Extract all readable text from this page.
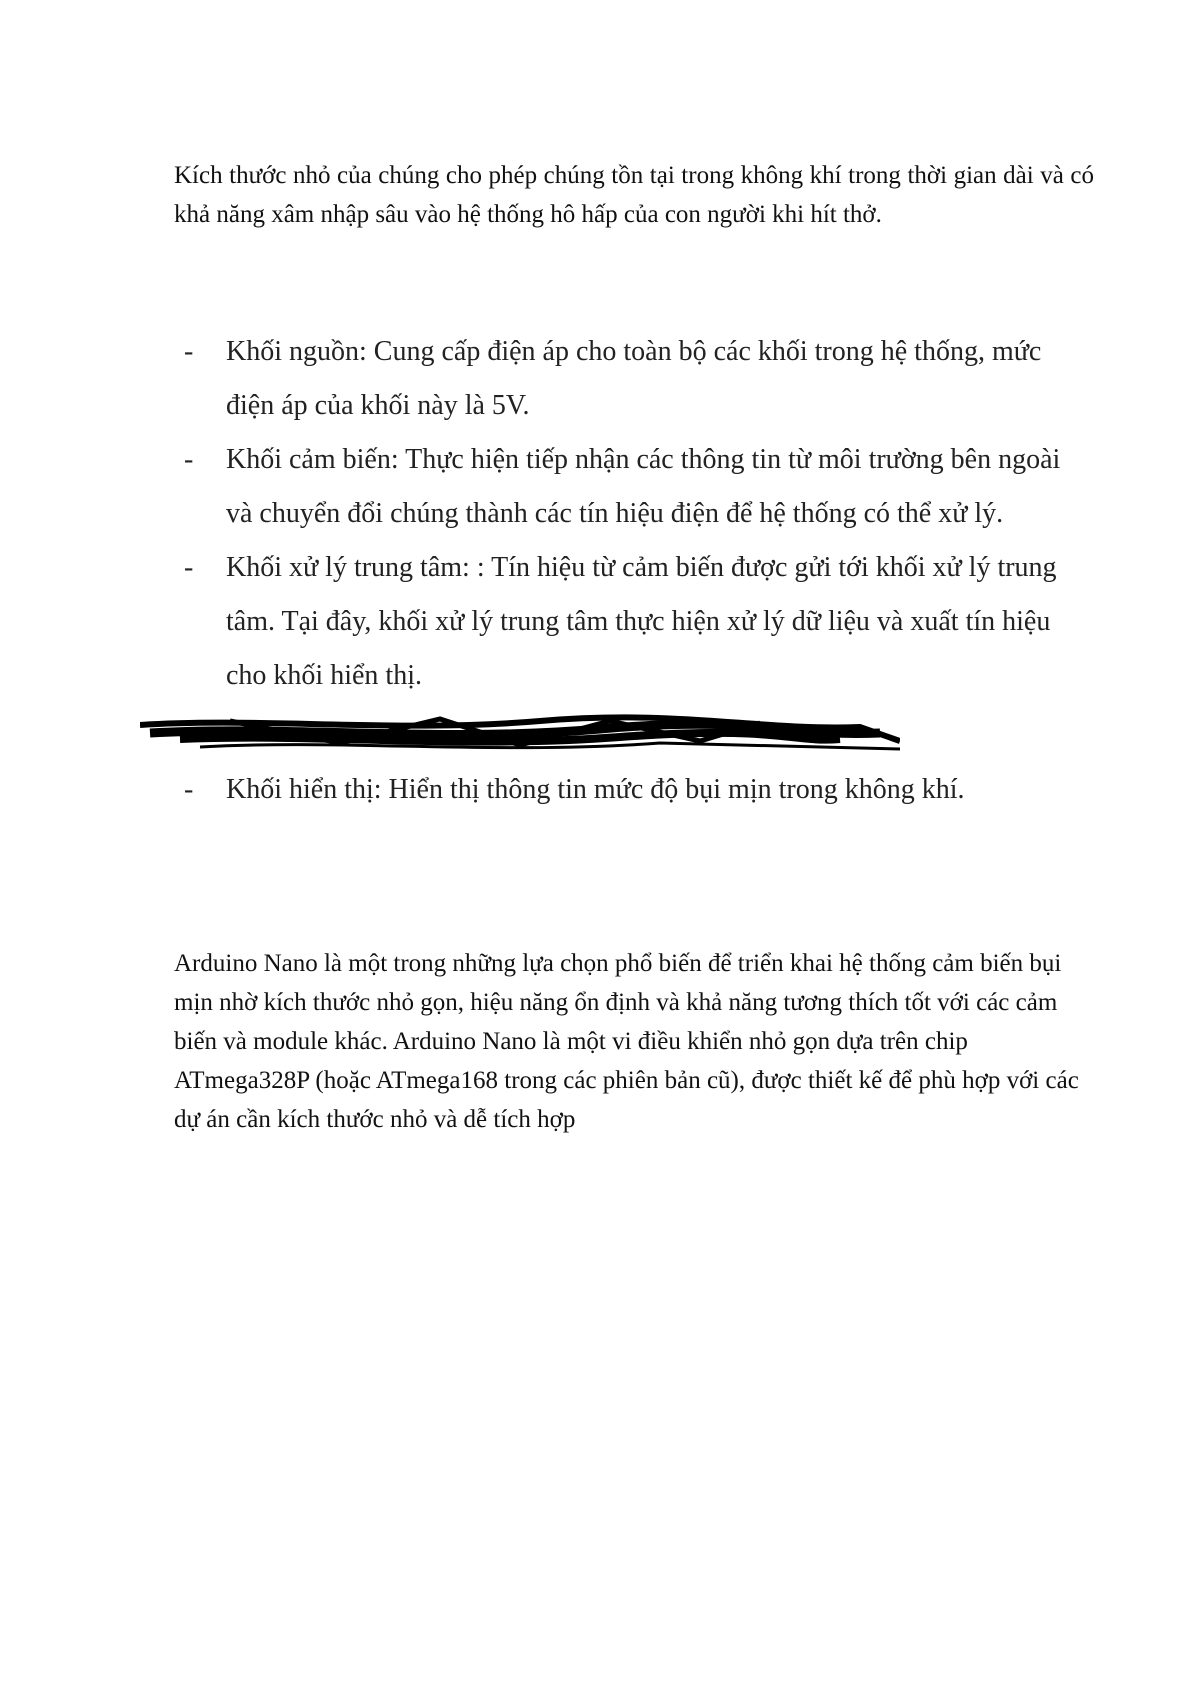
Kích thước nhỏ của chúng cho phép chúng tồn tại trong không khí trong thời gian dài và có khả năng xâm nhập sâu vào hệ thống hô hấp của con người khi hít thở.

- Khối nguồn: Cung cấp điện áp cho toàn bộ các khối trong hệ thống, mức điện áp của khối này là 5V.
- Khối cảm biến: Thực hiện tiếp nhận các thông tin từ môi trường bên ngoài và chuyển đổi chúng thành các tín hiệu điện để hệ thống có thể xử lý.
- Khối xử lý trung tâm: : Tín hiệu từ cảm biến được gửi tới khối xử lý trung tâm. Tại đây, khối xử lý trung tâm thực hiện xử lý dữ liệu và xuất tín hiệu cho khối hiển thị.
- Khối hiển thị: Hiển thị thông tin mức độ bụi mịn trong không khí.

Arduino Nano là một trong những lựa chọn phổ biến để triển khai hệ thống cảm biến bụi mịn nhờ kích thước nhỏ gọn, hiệu năng ổn định và khả năng tương thích tốt với các cảm biến và module khác. Arduino Nano là một vi điều khiển nhỏ gọn dựa trên chip ATmega328P (hoặc ATmega168 trong các phiên bản cũ), được thiết kế để phù hợp với các dự án cần kích thước nhỏ và dễ tích hợp
